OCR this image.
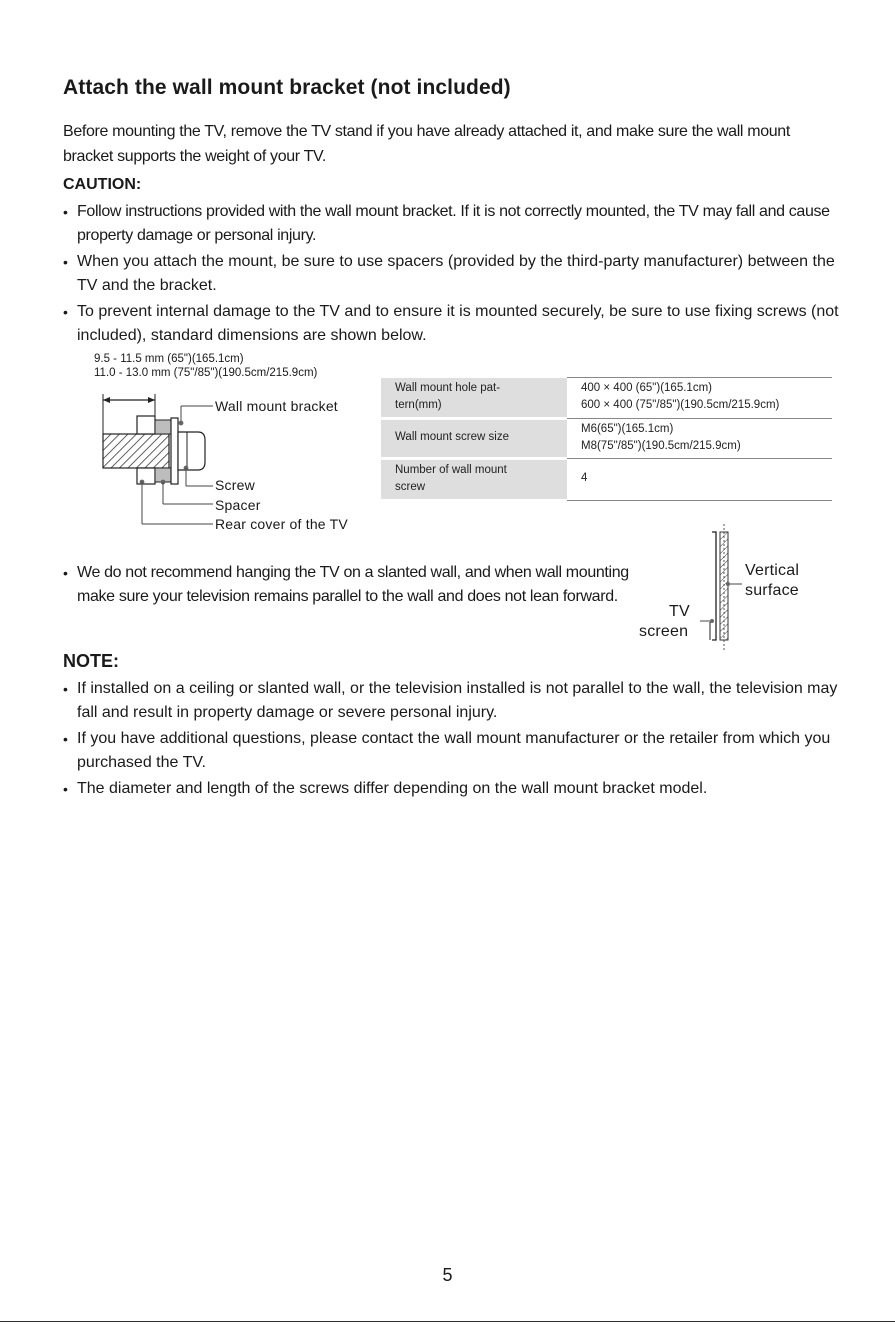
Attach the wall mount bracket (not included)

Before mounting the TV, remove the TV stand if you have already attached it, and make sure the wall mount bracket supports the weight of your TV.

CAUTION:

• Follow instructions provided with the wall mount bracket. If it is not correctly mounted, the TV may fall and cause property damage or personal injury.
• When you attach the mount, be sure to use spacers (provided by the third-party manufacturer) between the TV and the bracket.
• To prevent internal damage to the TV and to ensure it is mounted securely, be sure to use fixing screws (not included), standard dimensions are shown below.
9.5 - 11.5 mm (65")(165.1cm)
11.0 - 13.0 mm (75"/85")(190.5cm/215.9cm)
Wall mount bracket
Screw
Spacer
Rear cover of the TV
Wall mount hole pat-
tern(mm)	400 × 400 (65")(165.1cm)
600 × 400 (75"/85")(190.5cm/215.9cm)
Wall mount screw size	M6(65")(165.1cm)
M8(75"/85")(190.5cm/215.9cm)
Number of wall mount
screw	4
• We do not recommend hanging the TV on a slanted wall, and when wall mounting make sure your television remains parallel to the wall and does not lean forward.
Vertical
surface
TV
screen

NOTE:

• If installed on a ceiling or slanted wall, or the television installed is not parallel to the wall, the television may fall and result in property damage or severe personal injury.
• If you have additional questions, please contact the wall mount manufacturer or the retailer from which you purchased the TV.
• The diameter and length of the screws differ depending on the wall mount bracket model.
5
